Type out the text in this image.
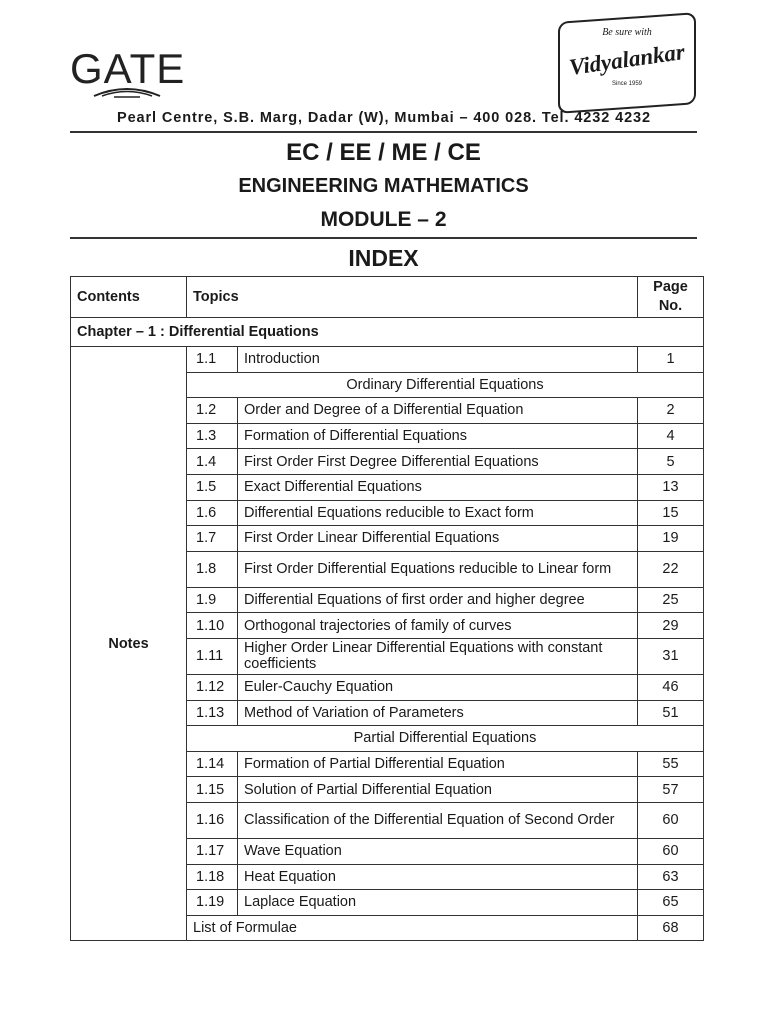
GATE
Be sure with
Vidyalankar
Since 1959
Pearl Centre, S.B. Marg, Dadar (W), Mumbai – 400 028. Tel. 4232 4232
EC / EE / ME / CE
ENGINEERING MATHEMATICS
MODULE – 2
INDEX
Contents	Topics		Page
No.
Chapter – 1 : Differential Equations			
Notes	1.1	Introduction	1
	Ordinary Differential Equations		
	1.2	Order and Degree of a Differential Equation	2
	1.3	Formation of Differential Equations	4
	1.4	First Order First Degree Differential Equations	5
	1.5	Exact Differential Equations	13
	1.6	Differential Equations reducible to Exact form	15
	1.7	First Order Linear Differential Equations	19
	1.8	First Order Differential Equations reducible to Linear form	22
	1.9	Differential Equations of first order and higher degree	25
	1.10	Orthogonal trajectories of family of curves	29
	1.11	Higher Order Linear Differential Equations with constant coefficients	31
	1.12	Euler-Cauchy Equation	46
	1.13	Method of Variation of Parameters	51
	Partial Differential Equations		
	1.14	Formation of Partial Differential Equation	55
	1.15	Solution of Partial Differential Equation	57
	1.16	Classification of the Differential Equation of Second Order	60
	1.17	Wave Equation	60
	1.18	Heat Equation	63
	1.19	Laplace Equation	65
	List of Formulae		68
